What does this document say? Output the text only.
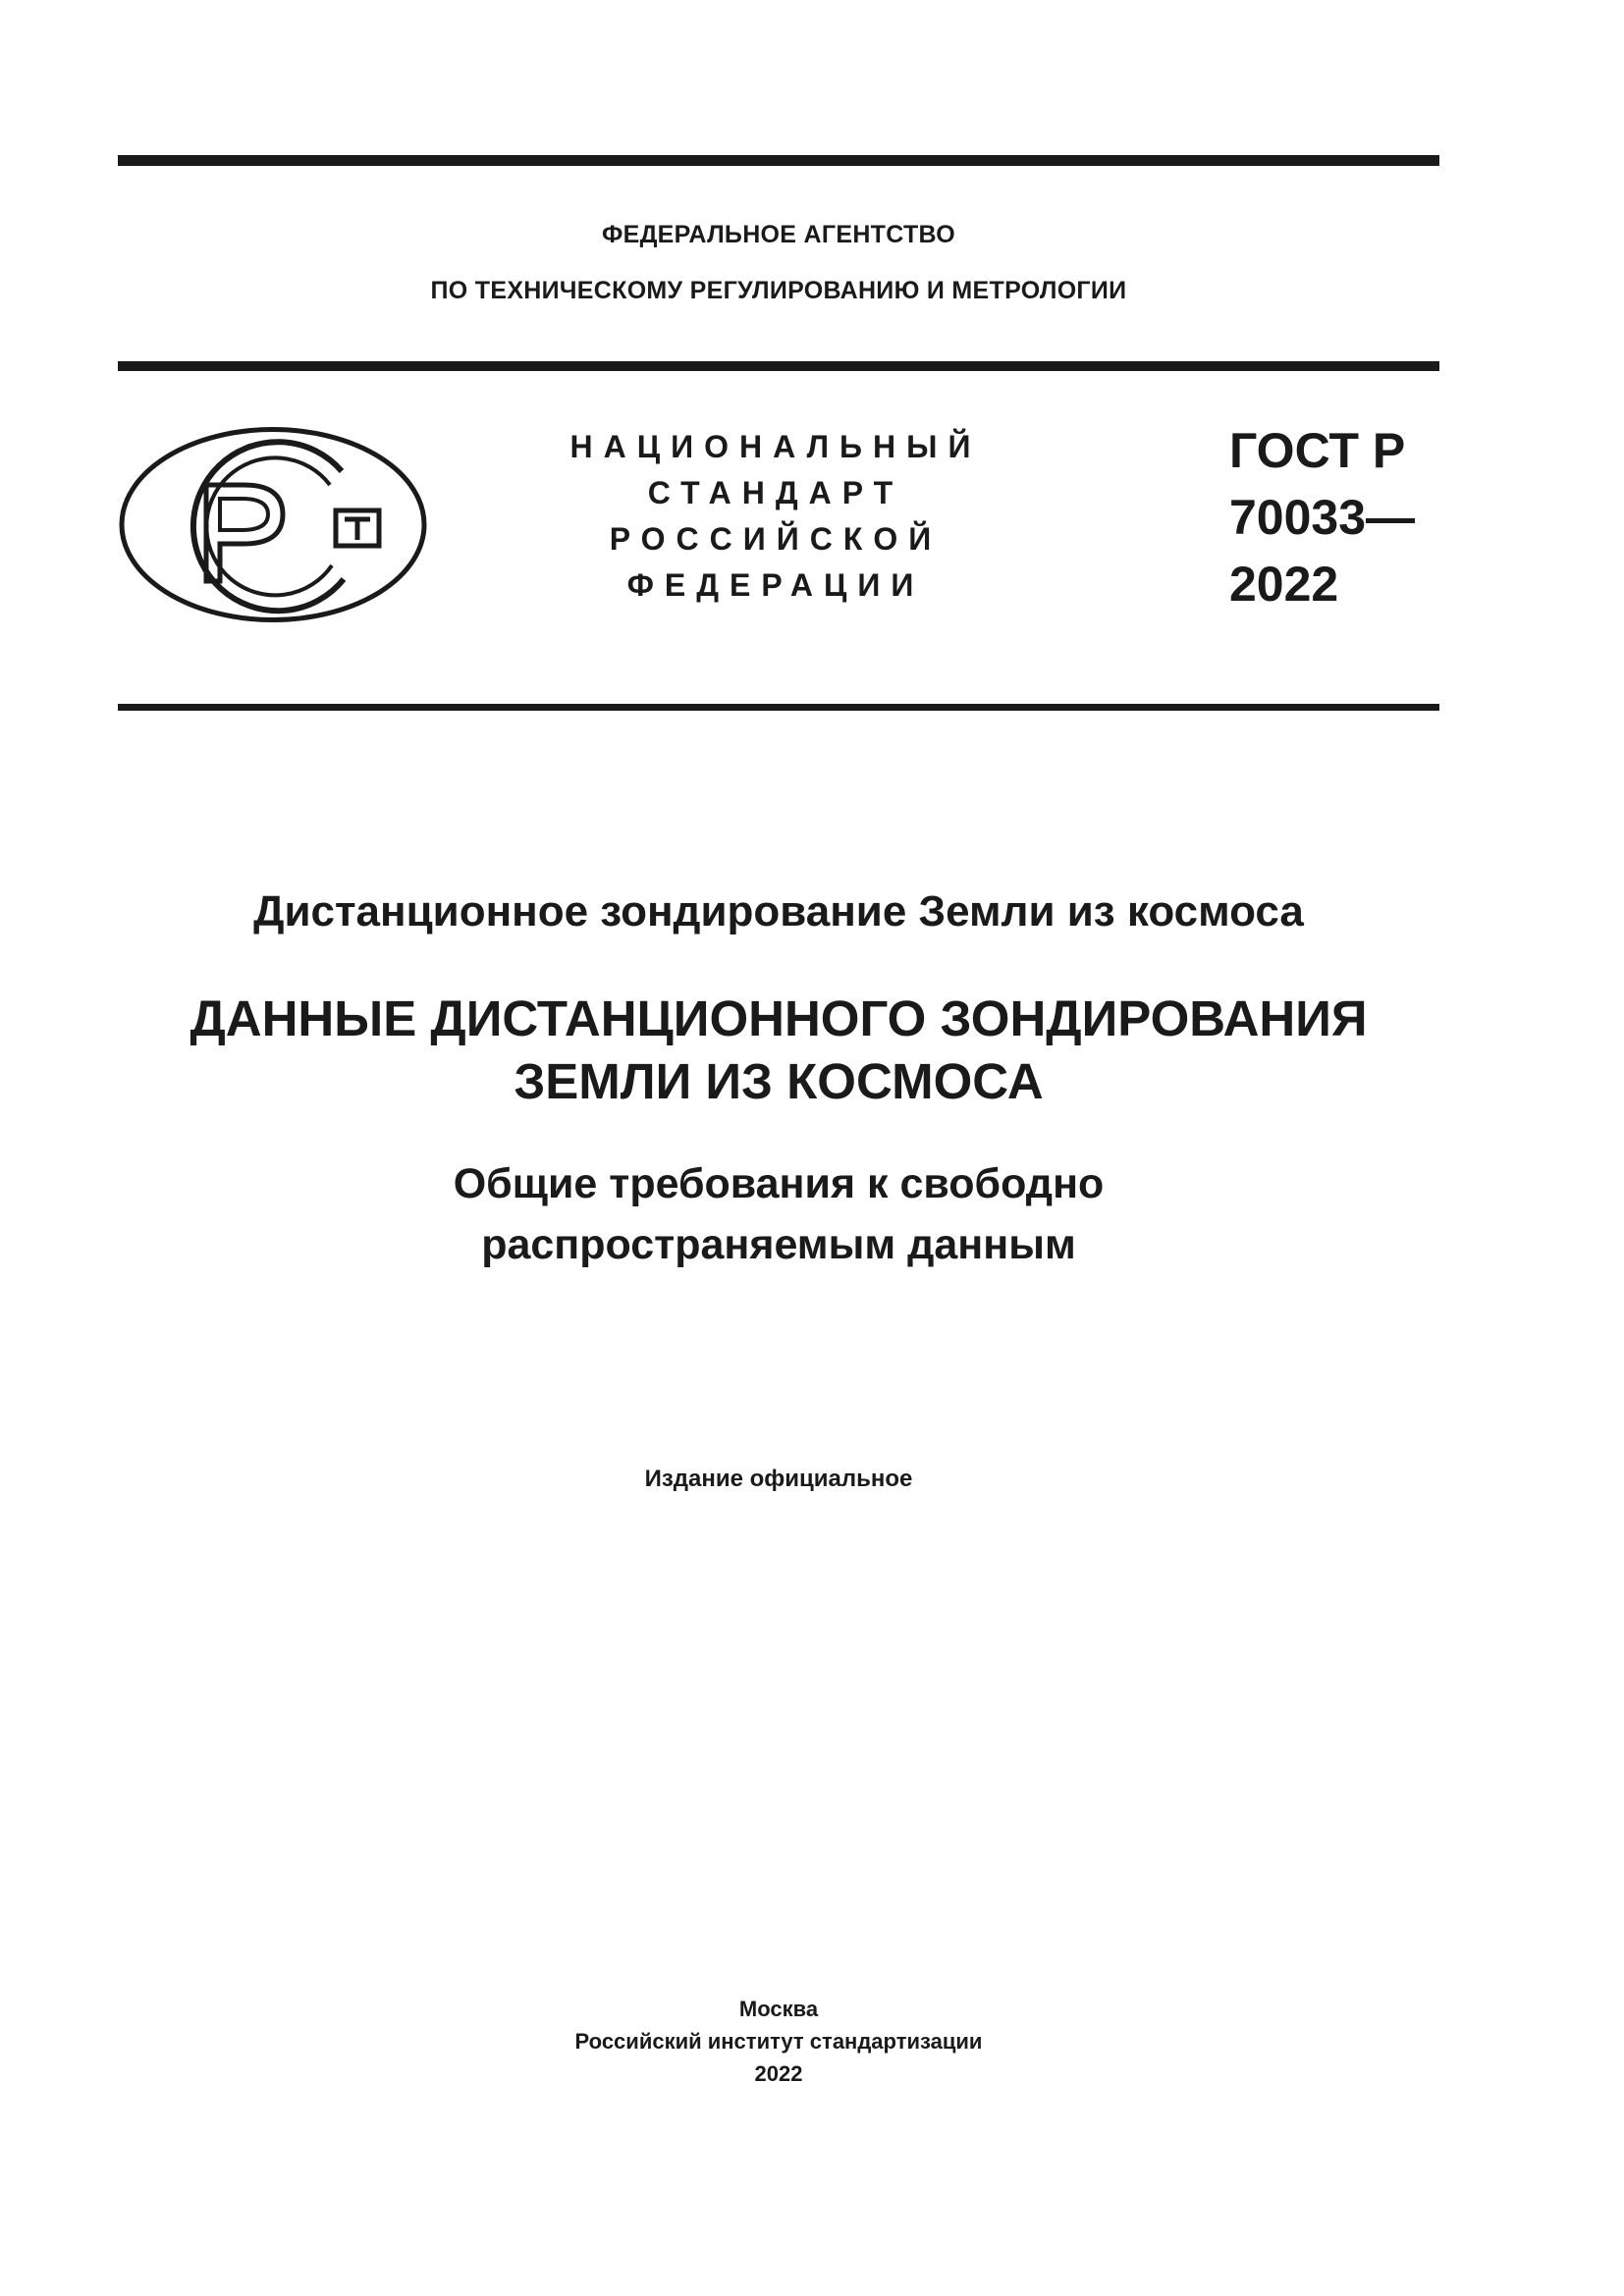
ФЕДЕРАЛЬНОЕ АГЕНТСТВО
ПО ТЕХНИЧЕСКОМУ РЕГУЛИРОВАНИЮ И МЕТРОЛОГИИ
НАЦИОНАЛЬНЫЙ
СТАНДАРТ
РОССИЙСКОЙ
ФЕДЕРАЦИИ
ГОСТ Р
70033—
2022
Дистанционное зондирование Земли из космоса
ДАННЫЕ ДИСТАНЦИОННОГО ЗОНДИРОВАНИЯ
ЗЕМЛИ ИЗ КОСМОСА
Общие требования к свободно
распространяемым данным
Издание официальное
Москва
Российский институт стандартизации
2022
